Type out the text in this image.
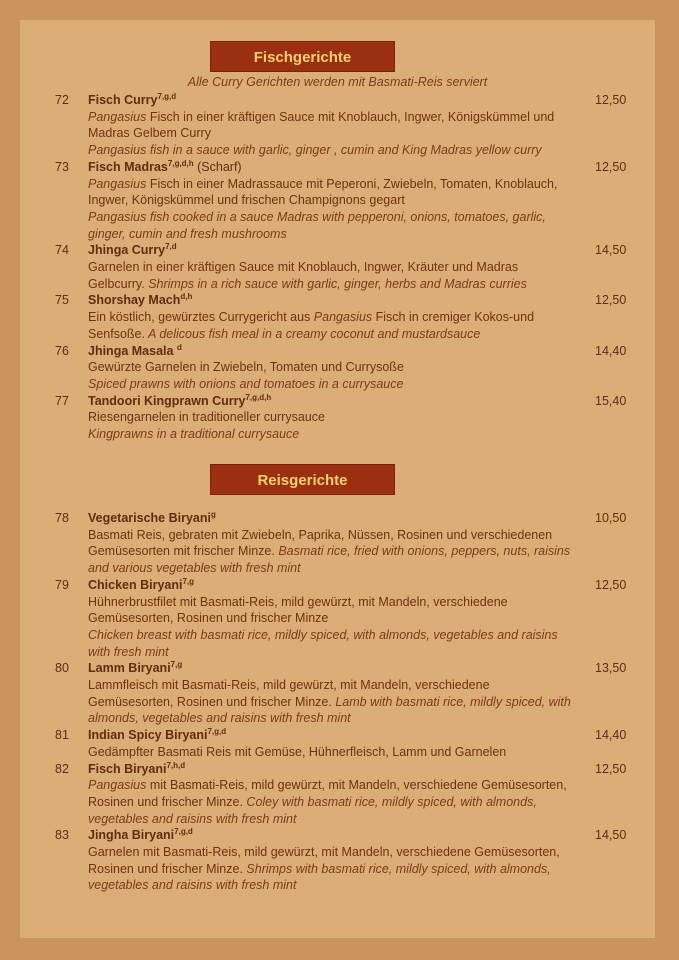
Fischgerichte
Alle Curry Gerichten werden mit Basmati-Reis serviert
72	12,50
Fisch Curry$^{7,g,d}$
Pangasius Fisch in einer kräftigen Sauce mit Knoblauch, Ingwer, Königskümmel und Madras Gelbem Curry
Pangasius fish in a sauce with garlic, ginger , cumin and King Madras yellow curry
73	12,50
Fisch Madras$^{7,g,d,h}$ (Scharf)
Pangasius Fisch in einer Madrassauce mit Peperoni, Zwiebeln, Tomaten, Knoblauch, Ingwer, Königskümmel und frischen Champignons gegart
Pangasius fish cooked in a sauce Madras with pepperoni, onions, tomatoes, garlic, ginger, cumin and fresh mushrooms
74	14,50
Jhinga Curry$^{7,d}$
Garnelen in einer kräftigen Sauce mit Knoblauch, Ingwer, Kräuter und Madras Gelbcurry. Shrimps in a rich sauce with garlic, ginger, herbs and Madras curries
75	12,50
Shorshay Mach$^{d,h}$
Ein köstlich, gewürztes Currygericht aus Pangasius Fisch in cremiger Kokos-und Senfsoße. A delicous fish meal in a creamy coconut and mustardsauce
76	14,40
Jhinga Masala $^d$
Gewürzte Garnelen in Zwiebeln, Tomaten und Currysoße
Spiced prawns with onions and tomatoes in a currysauce
77	15,40
Tandoori Kingprawn Curry$^{7,g,d,h}$
Riesengarnelen in traditioneller currysauce
Kingprawns in a traditional currysauce
Reisgerichte
78	10,50
Vegetarische Biryani$^g$
Basmati Reis, gebraten mit Zwiebeln, Paprika, Nüssen, Rosinen und verschiedenen Gemüsesorten mit frischer Minze. Basmati rice, fried with onions, peppers, nuts, raisins and various vegetables with fresh mint
79	12,50
Chicken Biryani$^{7,g}$
Hühnerbrustfilet mit Basmati-Reis, mild gewürzt, mit Mandeln, verschiedene Gemüsesorten, Rosinen und frischer Minze
Chicken breast with basmati rice, mildly spiced, with almonds, vegetables and raisins with fresh mint
80	13,50
Lamm Biryani$^{7,g}$
Lammfleisch mit Basmati-Reis, mild gewürzt, mit Mandeln, verschiedene Gemüsesorten, Rosinen und frischer Minze. Lamb with basmati rice, mildly spiced, with almonds, vegetables and raisins with fresh mint
81	14,40
Indian Spicy Biryani$^{7,g,d}$
Gedämpfter Basmati Reis mit Gemüse, Hühnerfleisch, Lamm und Garnelen
82	12,50
Fisch Biryani$^{7,h,d}$
Pangasius mit Basmati-Reis, mild gewürzt, mit Mandeln, verschiedene Gemüsesorten, Rosinen und frischer Minze. Coley with basmati rice, mildly spiced, with almonds, vegetables and raisins with fresh mint
83	14,50
Jingha Biryani$^{7,g,d}$
Garnelen mit Basmati-Reis, mild gewürzt, mit Mandeln, verschiedene Gemüsesorten, Rosinen und frischer Minze. Shrimps with basmati rice, mildly spiced, with almonds, vegetables and raisins with fresh mint
